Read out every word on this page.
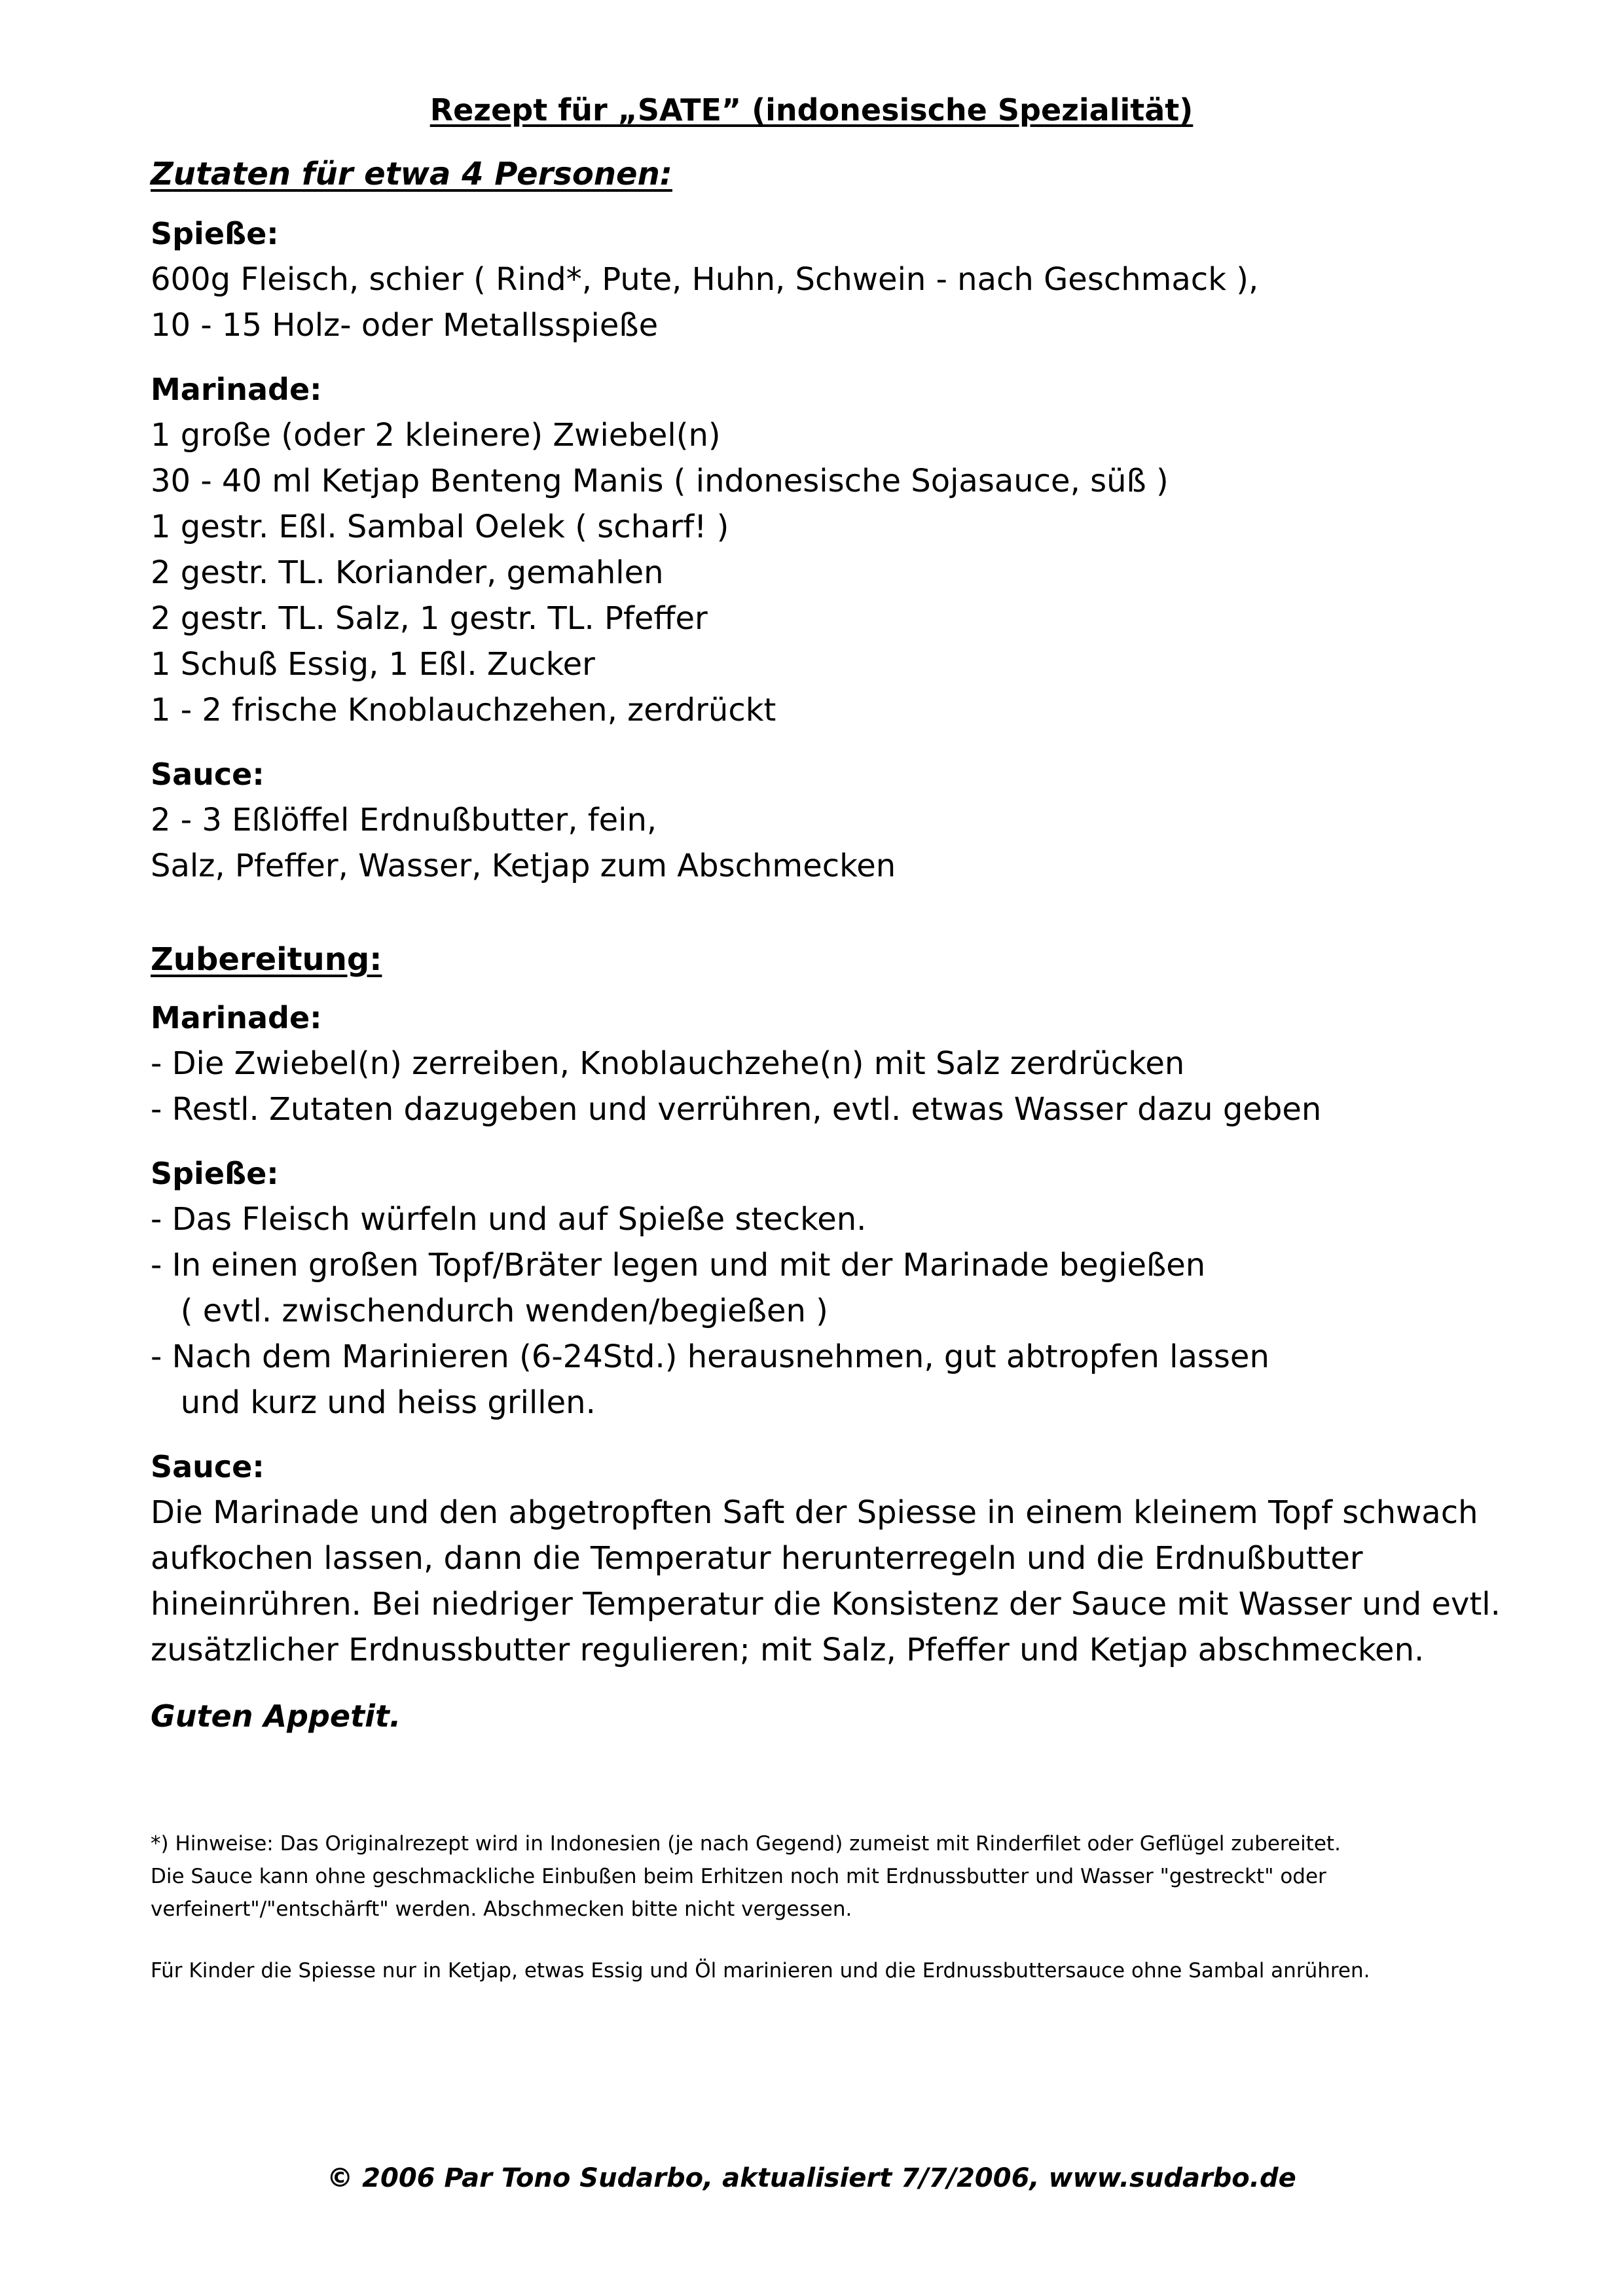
Rezept für „SATE” (indonesische Spezialität)
Zutaten für etwa 4 Personen:
Spieße:
600g Fleisch, schier ( Rind*, Pute, Huhn, Schwein - nach Geschmack ),
10 - 15 Holz- oder Metallsspieße
Marinade:
1 große (oder 2 kleinere) Zwiebel(n)
30 - 40 ml Ketjap Benteng Manis ( indonesische Sojasauce, süß )
1 gestr. Eßl. Sambal Oelek ( scharf! )
2 gestr. TL. Koriander, gemahlen
2 gestr. TL. Salz, 1 gestr. TL. Pfeffer
1 Schuß Essig, 1 Eßl. Zucker
1 - 2 frische Knoblauchzehen, zerdrückt
Sauce:
2 - 3 Eßlöffel Erdnußbutter, fein,
Salz, Pfeffer, Wasser, Ketjap zum Abschmecken
Zubereitung:
Marinade:
- Die Zwiebel(n) zerreiben, Knoblauchzehe(n) mit Salz zerdrücken
- Restl. Zutaten dazugeben und verrühren, evtl. etwas Wasser dazu geben
Spieße:
- Das Fleisch würfeln und auf Spieße stecken.
- In einen großen Topf/Bräter legen und mit der Marinade begießen
( evtl. zwischendurch wenden/begießen )
- Nach dem Marinieren (6-24Std.) herausnehmen, gut abtropfen lassen
und kurz und heiss grillen.
Sauce:
Die Marinade und den abgetropften Saft der Spiesse in einem kleinem Topf schwach
aufkochen lassen, dann die Temperatur herunterregeln und die Erdnußbutter
hineinrühren. Bei niedriger Temperatur die Konsistenz der Sauce mit Wasser und evtl.
zusätzlicher Erdnussbutter regulieren; mit Salz, Pfeffer und Ketjap abschmecken.
Guten Appetit.
*) Hinweise: Das Originalrezept wird in Indonesien (je nach Gegend) zumeist mit Rinderfilet oder Geflügel zubereitet.
Die Sauce kann ohne geschmackliche Einbußen beim Erhitzen noch mit Erdnussbutter und Wasser "gestreckt" oder
verfeinert"/"entschärft" werden. Abschmecken bitte nicht vergessen.
Für Kinder die Spiesse nur in Ketjap, etwas Essig und Öl marinieren und die Erdnussbuttersauce ohne Sambal anrühren.
© 2006 Par Tono Sudarbo, aktualisiert 7/7/2006, www.sudarbo.de
